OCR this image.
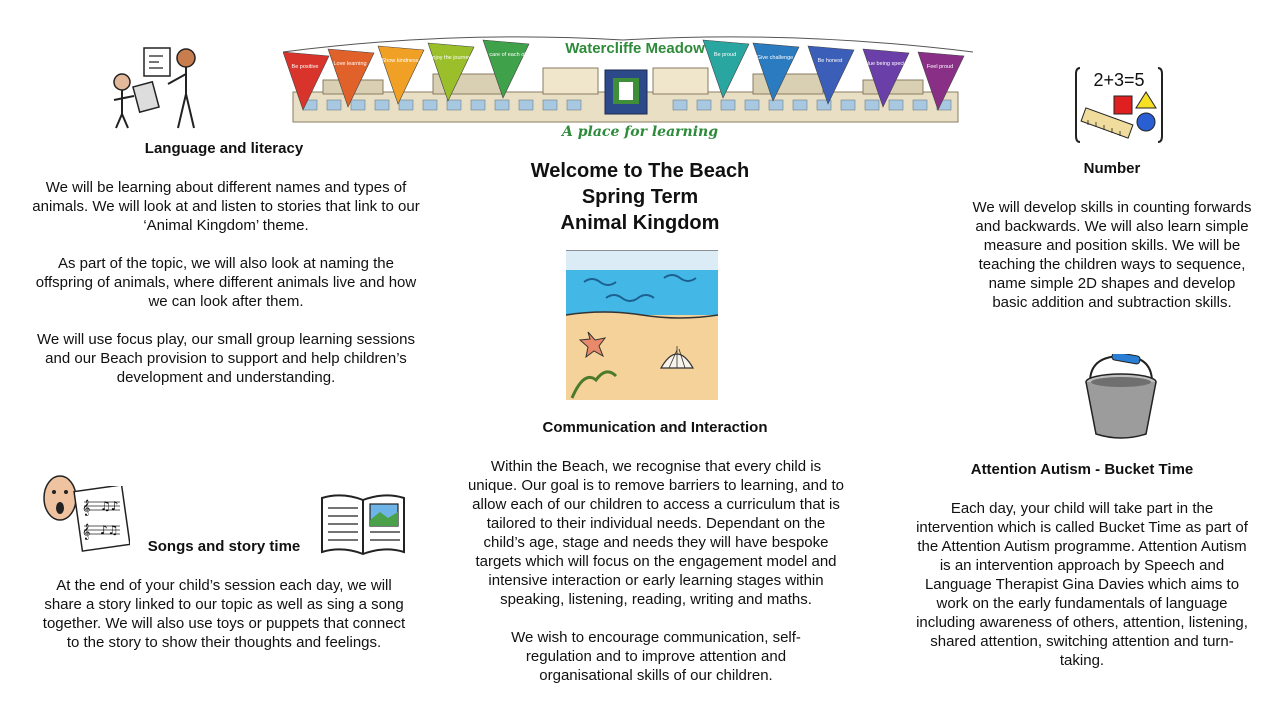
Be positive	Love learning	Show kindness Enjoy the journey Take care of each other	Be proud	Give challenge	Be honest	Value being special	Feel proud
Watercliffe Meadow
A place for learning
Welcome to The Beach
Spring Term
Animal Kingdom
Language and literacy

We will be learning about different names and types of animals. We will look at and listen to stories that link to our ‘Animal Kingdom’ theme.

As part of the topic, we will also look at naming the offspring of animals, where different animals live and how we can look after them.

We will use focus play, our small group learning sessions and our Beach provision to support and help children’s development and understanding.

𝄞
𝄞
♫♪
♪♫
Songs and story time

At the end of your child’s session each day, we will share a story linked to our topic as well as sing a song together. We will also use toys or puppets that connect to the story to show their thoughts and feelings.

Communication and Interaction

Within the Beach, we recognise that every child is unique. Our goal is to remove barriers to learning, and to allow each of our children to access a curriculum that is tailored to their individual needs. Dependant on the child’s age, stage and needs they will have bespoke targets which will focus on the engagement model and intensive interaction or early learning stages within speaking, listening, reading, writing and maths.

We wish to encourage communication, self-regulation and to improve attention and organisational skills of our children.

2+3=5
Number

We will develop skills in counting forwards and backwards. We will also learn simple measure and position skills. We will be teaching the children ways to sequence, name simple 2D shapes and develop basic addition and subtraction skills.

Attention Autism - Bucket Time

Each day, your child will take part in the intervention which is called Bucket Time as part of the Attention Autism programme. Attention Autism is an intervention approach by Speech and Language Therapist Gina Davies which aims to work on the early fundamentals of language including awareness of others, attention, listening, shared attention, switching attention and turn-taking.
